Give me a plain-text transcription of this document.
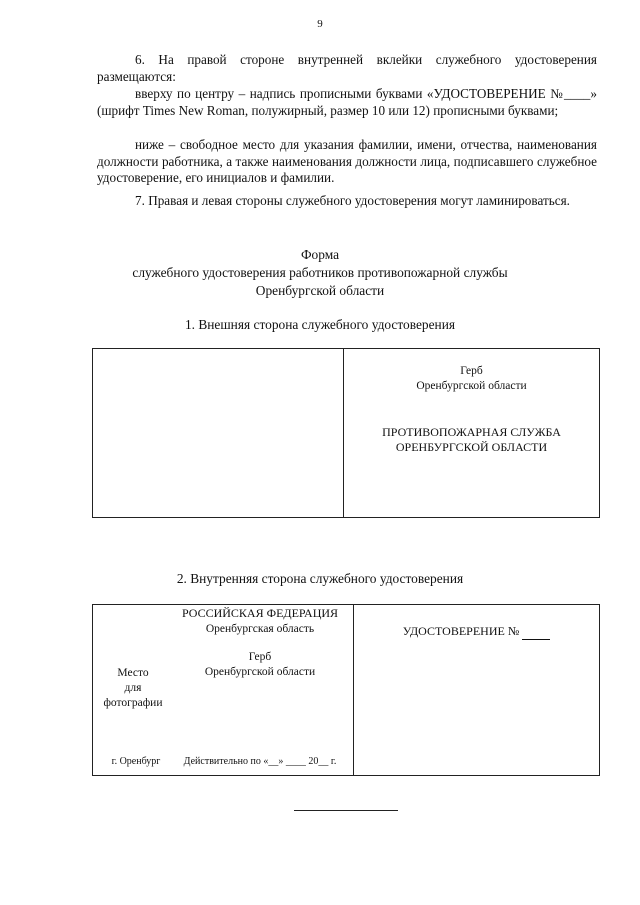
9
6. На правой стороне внутренней вклейки служебного удостоверения размещаются:
вверху по центру – надпись прописными буквами «УДОСТОВЕРЕНИЕ №____» (шрифт Times New Roman, полужирный, размер 10 или 12) прописными буквами;
ниже – свободное место для указания фамилии, имени, отчества, наименования должности работника, а также наименования должности лица, подписавшего служебное удостоверение, его инициалов и фамилии.
7. Правая и левая стороны служебного удостоверения могут ламинироваться.
Форма
служебного удостоверения работников противопожарной службы
Оренбургской области
1. Внешняя сторона служебного удостоверения
Герб
Оренбургской области
ПРОТИВОПОЖАРНАЯ СЛУЖБА
ОРЕНБУРГСКОЙ ОБЛАСТИ
2. Внутренняя сторона служебного удостоверения
РОССИЙСКАЯ ФЕДЕРАЦИЯ
Оренбургская область
Герб
Оренбургской области
Место
для
фотографии
г. Оренбург	Действительно по «__» ____ 20__ г.
УДОСТОВЕРЕНИЕ №
